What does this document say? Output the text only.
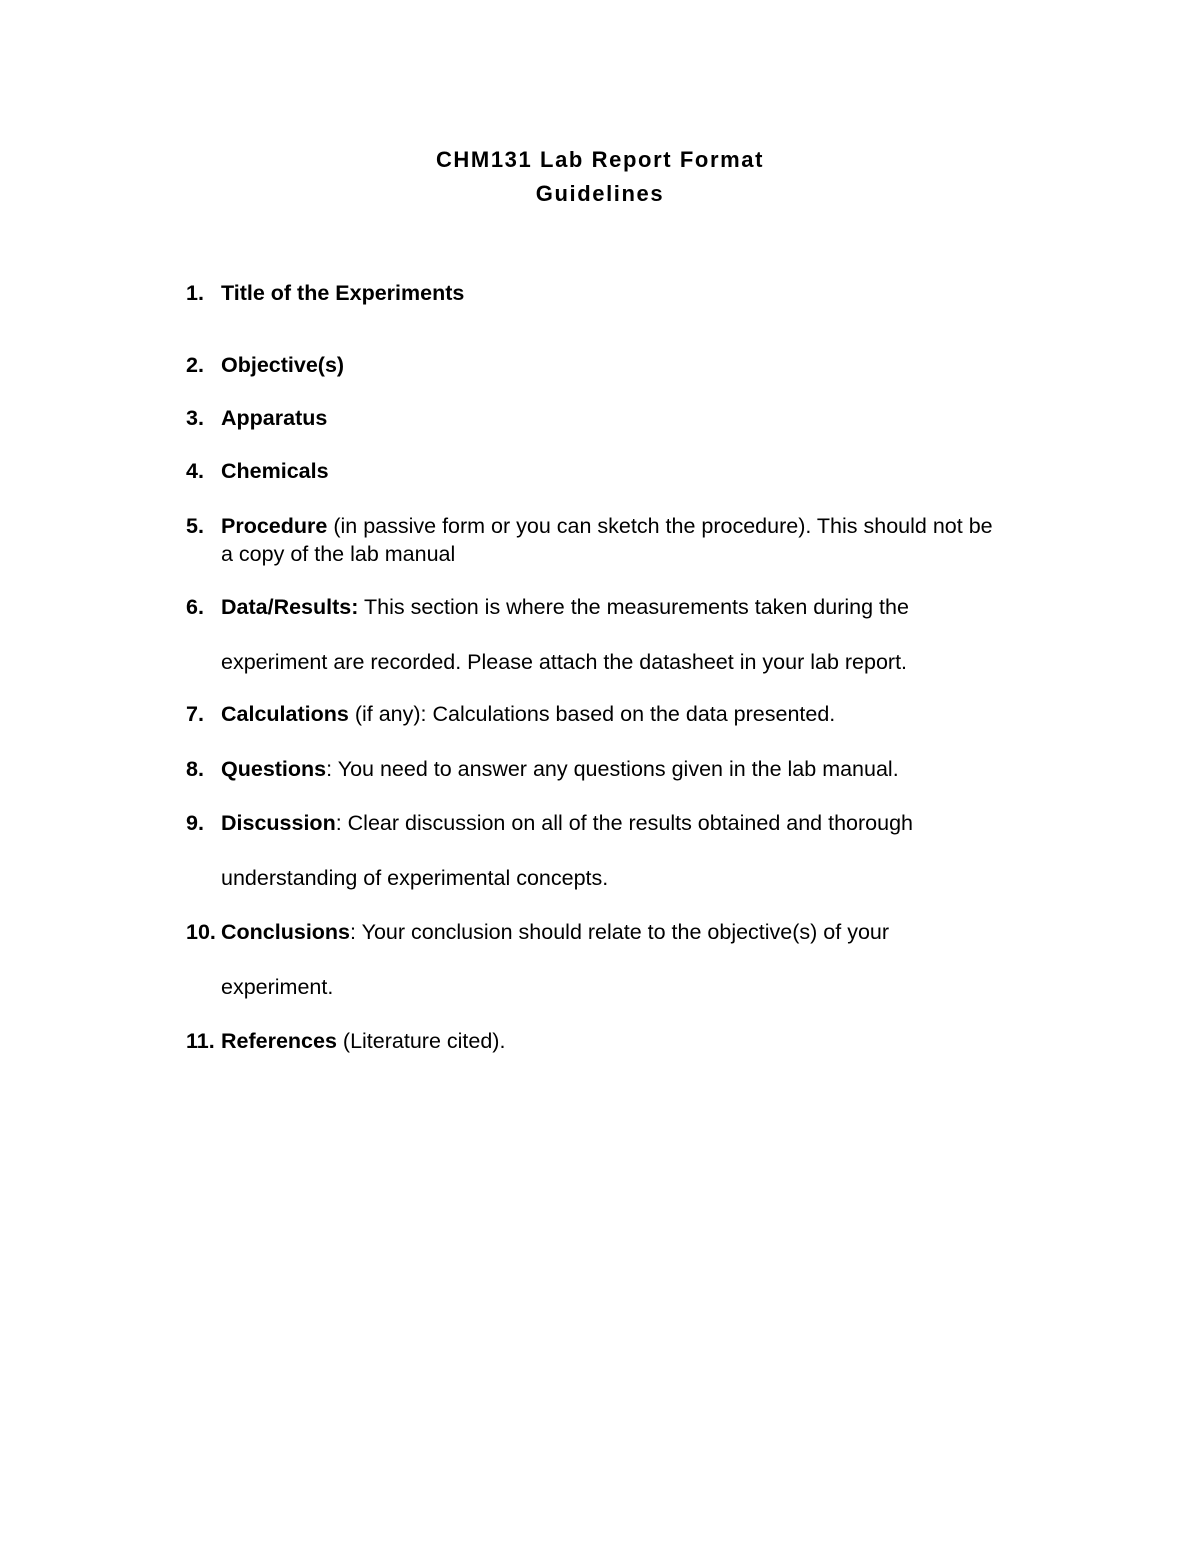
CHM131 Lab Report Format
Guidelines
1. Title of the Experiments
2. Objective(s)
3. Apparatus
4. Chemicals
5. Procedure (in passive form or you can sketch the procedure). This should not be
a copy of the lab manual
6. Data/Results: This section is where the measurements taken during the
experiment are recorded. Please attach the datasheet in your lab report.
7. Calculations (if any): Calculations based on the data presented.
8. Questions: You need to answer any questions given in the lab manual.
9. Discussion: Clear discussion on all of the results obtained and thorough
understanding of experimental concepts.
10. Conclusions: Your conclusion should relate to the objective(s) of your
experiment.
11. References (Literature cited).
